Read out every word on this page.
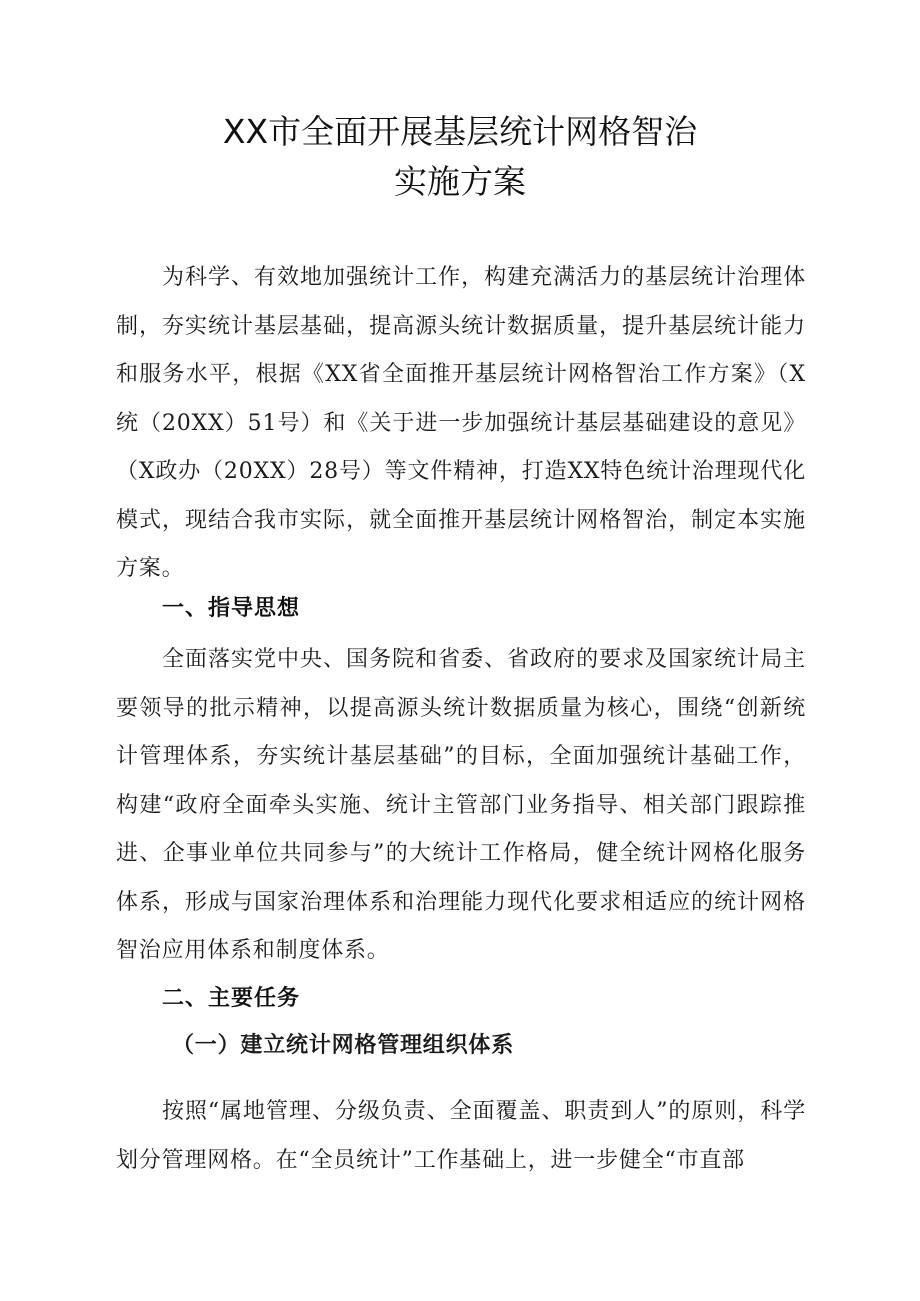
XX市全面开展基层统计网格智治
实施方案

为科学、有效地加强统计工作，构建充满活力的基层统计治理体制，夯实统计基层基础，提高源头统计数据质量，提升基层统计能力和服务水平，根据《XX省全面推开基层统计网格智治工作方案》（X统（20XX）51号）和《关于进一步加强统计基层基础建设的意见》（X政办（20XX）28号）等文件精神，打造XX特色统计治理现代化模式，现结合我市实际，就全面推开基层统计网格智治，制定本实施方案。

一、指导思想

全面落实党中央、国务院和省委、省政府的要求及国家统计局主要领导的批示精神，以提高源头统计数据质量为核心，围绕“创新统计管理体系，夯实统计基层基础”的目标，全面加强统计基础工作，构建“政府全面牵头实施、统计主管部门业务指导、相关部门跟踪推进、企事业单位共同参与”的大统计工作格局，健全统计网格化服务体系，形成与国家治理体系和治理能力现代化要求相适应的统计网格智治应用体系和制度体系。

二、主要任务
（一）建立统计网格管理组织体系

按照“属地管理、分级负责、全面覆盖、职责到人”的原则，科学划分管理网格。在“全员统计”工作基础上，进一步健全“市直部
